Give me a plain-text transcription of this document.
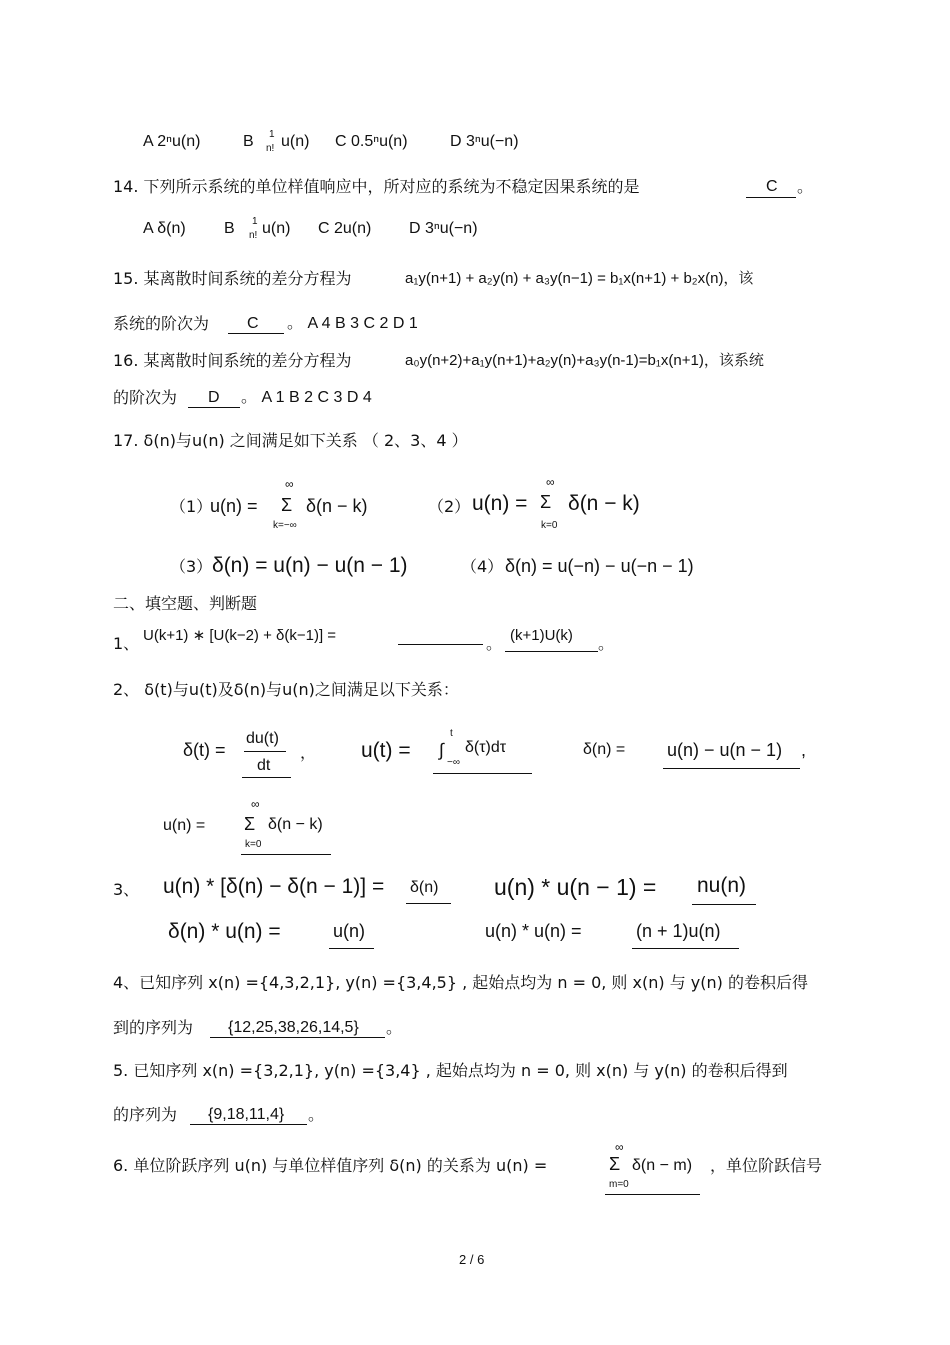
A 2ⁿu(n)	B 1
n! u(n) C 0.5ⁿu(n)	D 3ⁿu(−n)
14. 下列所示系统的单位样值响应中，所对应的系统为不稳定因果系统的是	C 。
A δ(n) B 1
n! u(n) C 2u(n) D 3ⁿu(−n)
15. 某离散时间系统的差分方程为	a₁y(n+1) + a₂y(n) + a₃y(n−1) = b₁x(n+1) + b₂x(n)，该
系统的阶次为 C 。 A 4 B 3 C 2 D 1
16. 某离散时间系统的差分方程为	a₀y(n+2)+a₁y(n+1)+a₂y(n)+a₃y(n-1)=b₁x(n+1)，该系统
的阶次为 D 。 A 1 B 2 C 3 D 4
17. δ(n)与u(n) 之间满足如下关系 （ 2、3、4 ）
（1）
u(n) =
∞
Σ
k=−∞
δ(n − k)	（2） u(n) =
∞
Σ
k=0
δ(n − k)
（3） δ(n) = u(n) − u(n − 1)	（4） δ(n) = u(−n) − u(−n − 1)
二、填空题、判断题
1、 U(k+1) ∗ [U(k−2) + δ(k−1)] =	。 (k+1)U(k) 。
2、 δ(t)与u(t)及δ(n)与u(n)之间满足以下关系：
δ(t) =
du(t)
dt
， u(t) =
t
∫
−∞
δ(τ)dτ	δ(n) = u(n) − u(n − 1) ,
u(n) =
∞
Σ
k=0
δ(n − k)
3、 u(n) * [δ(n) − δ(n − 1)] = δ(n) u(n) * u(n − 1) = nu(n)
δ(n) * u(n) =	u(n)	u(n) * u(n) =	(n + 1)u(n)
4、已知序列 x(n) ={4,3,2,1}, y(n) ={3,4,5} , 起始点均为 n = 0, 则 x(n) 与 y(n) 的卷积后得
到的序列为 {12,25,38,26,14,5} 。
5. 已知序列 x(n) ={3,2,1}, y(n) ={3,4} , 起始点均为 n = 0, 则 x(n) 与 y(n) 的卷积后得到
的序列为 {9,18,11,4} 。
6. 单位阶跃序列 u(n) 与单位样值序列 δ(n) 的关系为 u(n) =
∞
Σ
m=0
δ(n − m) ，单位阶跃信号
2 / 6
